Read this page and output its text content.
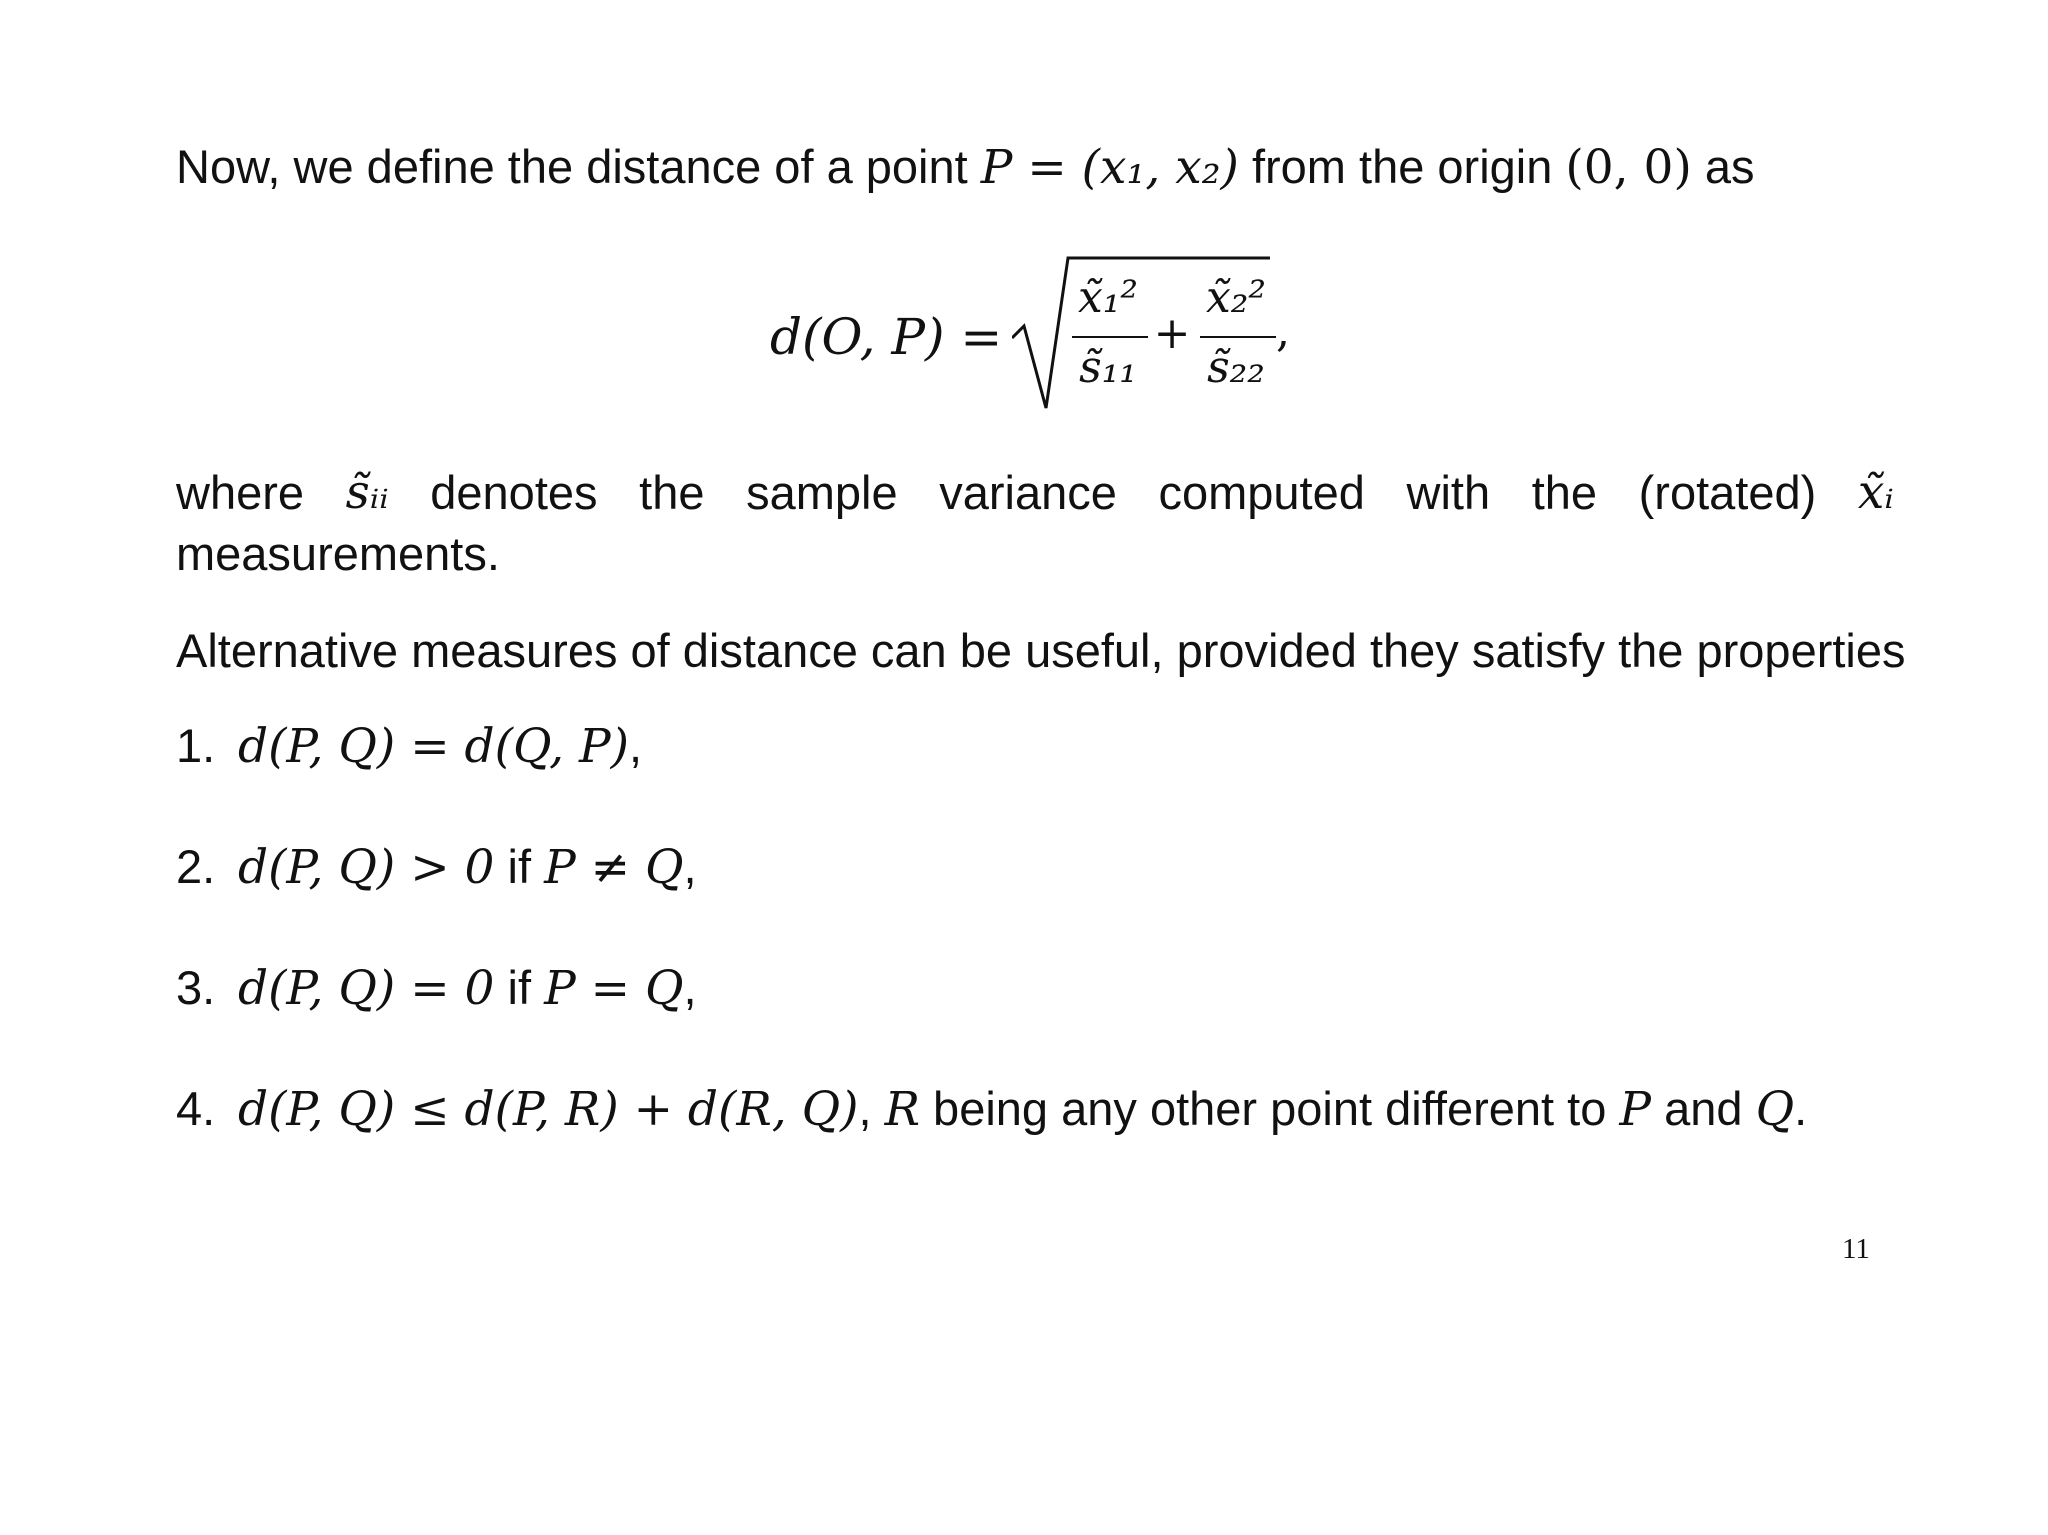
Now, we define the distance of a point P = (x₁, x₂) from the origin (0, 0) as
d(O, P) =
x̃₁²
s̃₁₁
+
x̃₂²
s̃₂₂
,
where s̃ᵢᵢ denotes the sample variance computed with the (rotated) x̃ᵢ
measurements.
Alternative measures of distance can be useful, provided they satisfy the properties
1. d(P, Q) = d(Q, P),
2. d(P, Q) > 0 if P ≠ Q,
3. d(P, Q) = 0 if P = Q,
4. d(P, Q) ≤ d(P, R) + d(R, Q), R being any other point different to P and Q.
11
